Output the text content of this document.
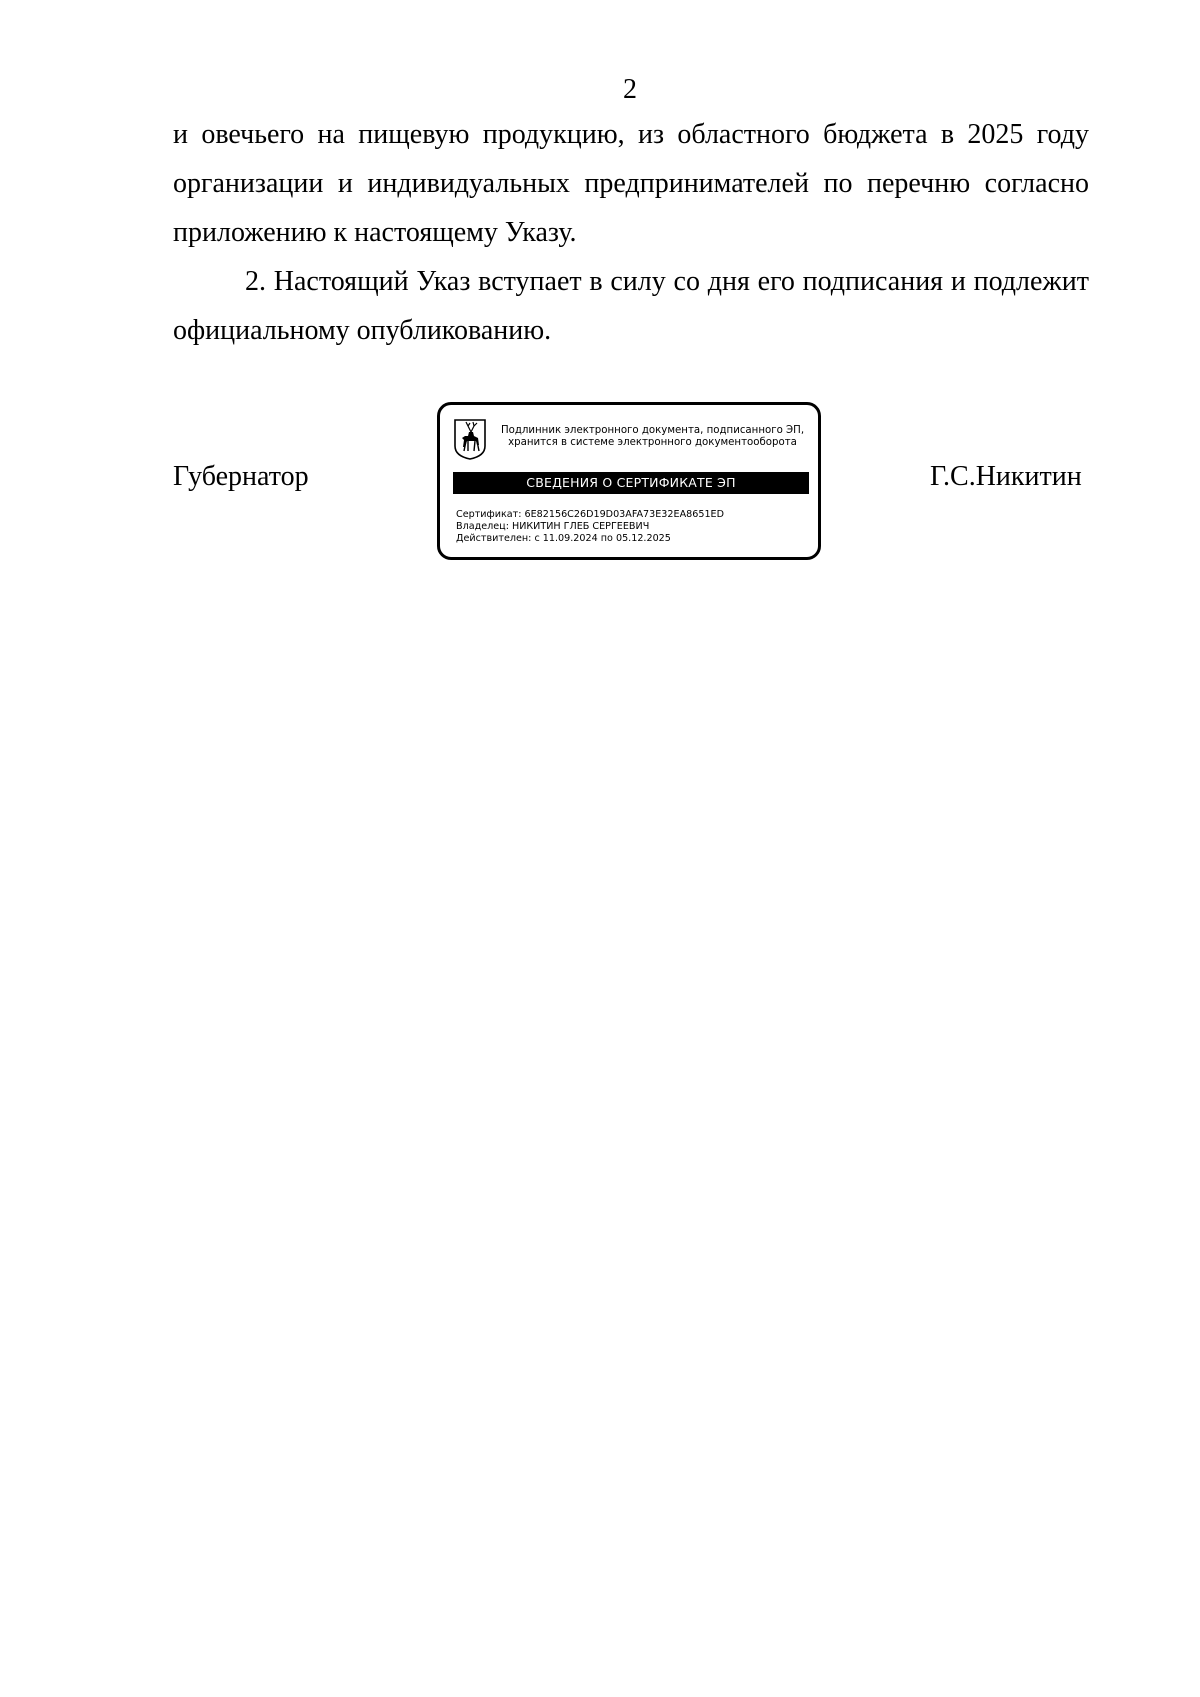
2

и овечьего на пищевую продукцию, из областного бюджета в 2025 году организации и индивидуальных предпринимателей по перечню согласно приложению к настоящему Указу.

2. Настоящий Указ вступает в силу со дня его подписания и подлежит официальному опубликованию.

Губернатор	Г.С.Никитин
Подлинник электронного документа, подписанного ЭП,
хранится в системе электронного документооборота
СВЕДЕНИЯ О СЕРТИФИКАТЕ ЭП
Сертификат: 6E82156C26D19D03AFA73E32EA8651ED
Владелец: НИКИТИН ГЛЕБ СЕРГЕЕВИЧ
Действителен: с 11.09.2024 по 05.12.2025
